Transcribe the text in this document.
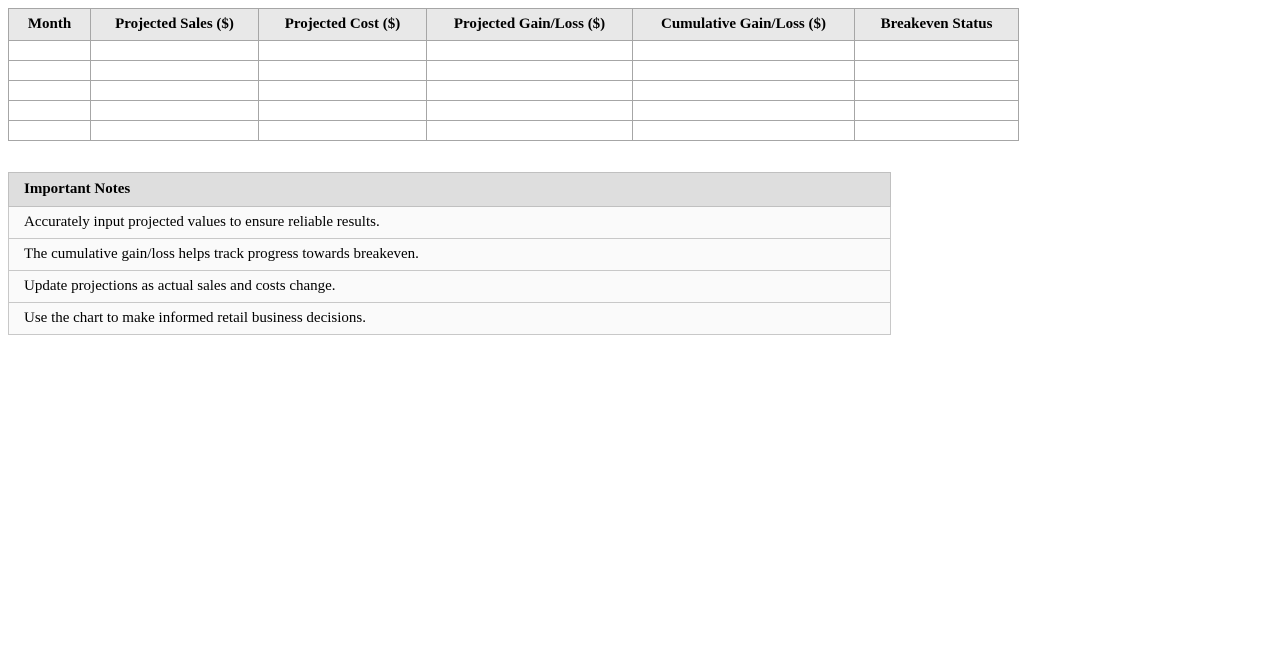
Month	Projected Sales ($)	Projected Cost ($)	Projected Gain/Loss ($)	Cumulative Gain/Loss ($)	Breakeven Status

Important Notes
Accurately input projected values to ensure reliable results.
The cumulative gain/loss helps track progress towards breakeven.
Update projections as actual sales and costs change.
Use the chart to make informed retail business decisions.
